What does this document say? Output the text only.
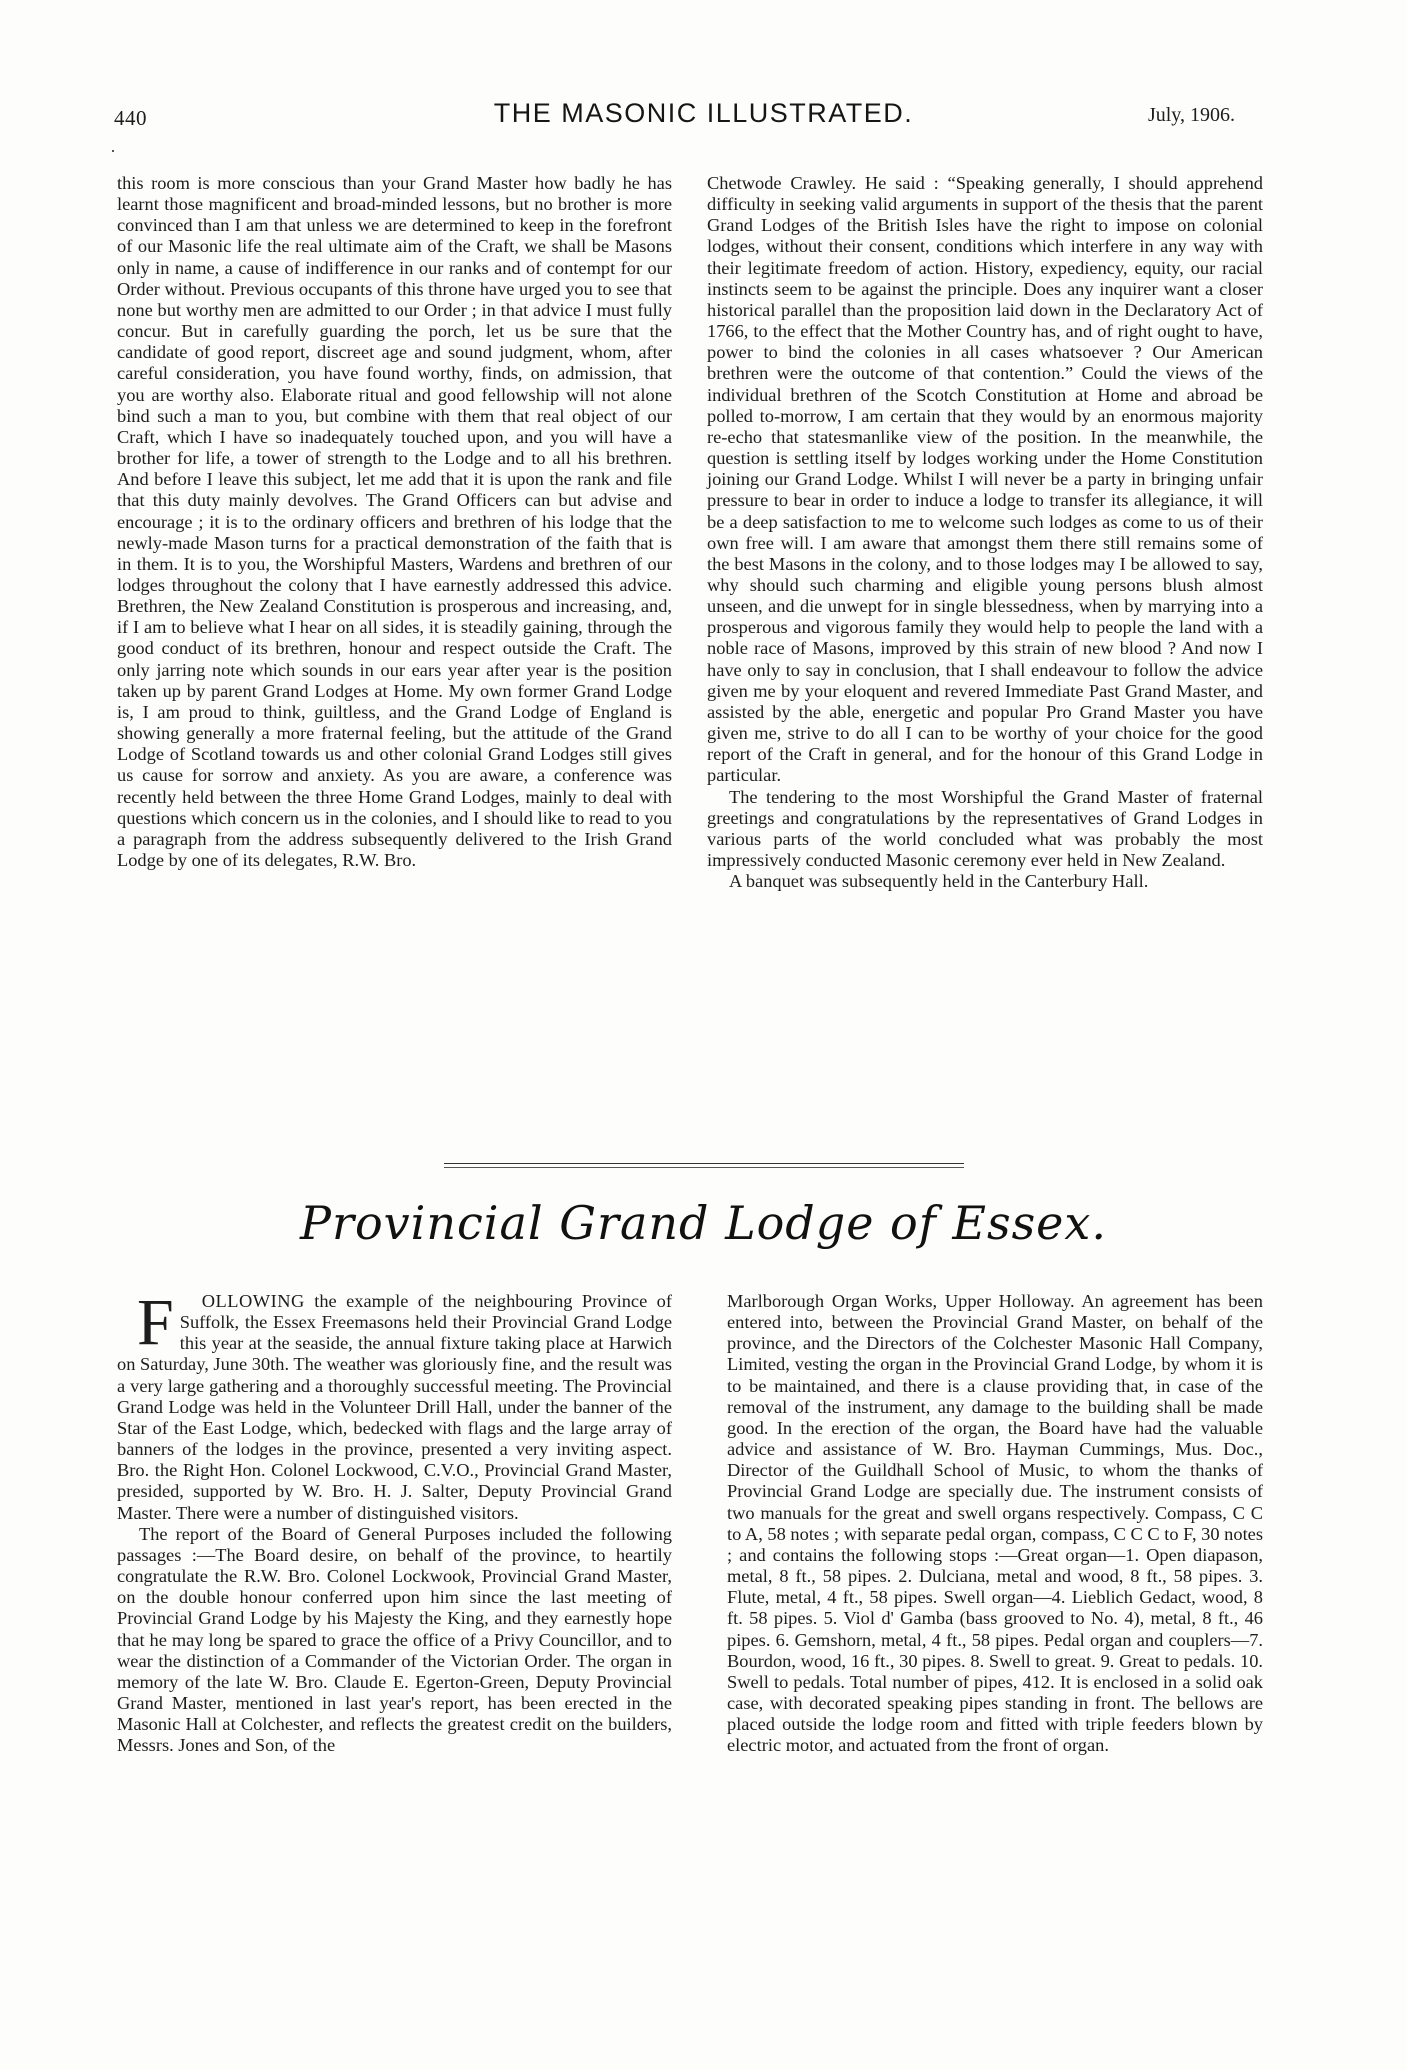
440	THE MASONIC ILLUSTRATED.	July, 1906.

this room is more conscious than your Grand Master how badly he has learnt those magnificent and broad-minded lessons, but no brother is more convinced than I am that unless we are determined to keep in the forefront of our Masonic life the real ultimate aim of the Craft, we shall be Masons only in name, a cause of indifference in our ranks and of contempt for our Order without. Previous occupants of this throne have urged you to see that none but worthy men are admitted to our Order ; in that advice I must fully concur. But in carefully guarding the porch, let us be sure that the candidate of good report, discreet age and sound judgment, whom, after careful consideration, you have found worthy, finds, on admission, that you are worthy also. Elaborate ritual and good fellowship will not alone bind such a man to you, but combine with them that real object of our Craft, which I have so inadequately touched upon, and you will have a brother for life, a tower of strength to the Lodge and to all his brethren. And before I leave this subject, let me add that it is upon the rank and file that this duty mainly devolves. The Grand Officers can but advise and encourage ; it is to the ordinary officers and brethren of his lodge that the newly-made Mason turns for a practical demonstration of the faith that is in them. It is to you, the Worshipful Masters, Wardens and brethren of our lodges throughout the colony that I have earnestly addressed this advice. Brethren, the New Zealand Constitution is prosperous and increasing, and, if I am to believe what I hear on all sides, it is steadily gaining, through the good conduct of its brethren, honour and respect outside the Craft. The only jarring note which sounds in our ears year after year is the position taken up by parent Grand Lodges at Home. My own former Grand Lodge is, I am proud to think, guiltless, and the Grand Lodge of England is showing generally a more fraternal feeling, but the attitude of the Grand Lodge of Scotland towards us and other colonial Grand Lodges still gives us cause for sorrow and anxiety. As you are aware, a conference was recently held between the three Home Grand Lodges, mainly to deal with questions which concern us in the colonies, and I should like to read to you a paragraph from the address subsequently delivered to the Irish Grand Lodge by one of its delegates, R.W. Bro.

Chetwode Crawley. He said : “Speaking generally, I should apprehend difficulty in seeking valid arguments in support of the thesis that the parent Grand Lodges of the British Isles have the right to impose on colonial lodges, without their consent, conditions which interfere in any way with their legitimate freedom of action. History, expediency, equity, our racial instincts seem to be against the principle. Does any inquirer want a closer historical parallel than the proposition laid down in the Declaratory Act of 1766, to the effect that the Mother Country has, and of right ought to have, power to bind the colonies in all cases whatsoever ? Our American brethren were the outcome of that contention.” Could the views of the individual brethren of the Scotch Constitution at Home and abroad be polled to-morrow, I am certain that they would by an enormous majority re-echo that statesmanlike view of the position. In the meanwhile, the question is settling itself by lodges working under the Home Constitution joining our Grand Lodge. Whilst I will never be a party in bringing unfair pressure to bear in order to induce a lodge to transfer its allegiance, it will be a deep satisfaction to me to welcome such lodges as come to us of their own free will. I am aware that amongst them there still remains some of the best Masons in the colony, and to those lodges may I be allowed to say, why should such charming and eligible young persons blush almost unseen, and die unwept for in single blessedness, when by marrying into a prosperous and vigorous family they would help to people the land with a noble race of Masons, improved by this strain of new blood ? And now I have only to say in conclusion, that I shall endeavour to follow the advice given me by your eloquent and revered Immediate Past Grand Master, and assisted by the able, energetic and popular Pro Grand Master you have given me, strive to do all I can to be worthy of your choice for the good report of the Craft in general, and for the honour of this Grand Lodge in particular.

The tendering to the most Worshipful the Grand Master of fraternal greetings and congratulations by the representatives of Grand Lodges in various parts of the world concluded what was probably the most impressively conducted Masonic ceremony ever held in New Zealand.

A banquet was subsequently held in the Canterbury Hall.

Provincial Grand Lodge of Essex.

F OLLOWING the example of the neighbouring Province of Suffolk, the Essex Freemasons held their Provincial Grand Lodge this year at the seaside, the annual fixture taking place at Harwich on Saturday, June 30th. The weather was gloriously fine, and the result was a very large gathering and a thoroughly successful meeting. The Provincial Grand Lodge was held in the Volunteer Drill Hall, under the banner of the Star of the East Lodge, which, bedecked with flags and the large array of banners of the lodges in the province, presented a very inviting aspect. Bro. the Right Hon. Colonel Lockwood, C.V.O., Provincial Grand Master, presided, supported by W. Bro. H. J. Salter, Deputy Provincial Grand Master. There were a number of distinguished visitors.

The report of the Board of General Purposes included the following passages :—The Board desire, on behalf of the province, to heartily congratulate the R.W. Bro. Colonel Lockwook, Provincial Grand Master, on the double honour conferred upon him since the last meeting of Provincial Grand Lodge by his Majesty the King, and they earnestly hope that he may long be spared to grace the office of a Privy Councillor, and to wear the distinction of a Commander of the Victorian Order. The organ in memory of the late W. Bro. Claude E. Egerton-Green, Deputy Provincial Grand Master, mentioned in last year's report, has been erected in the Masonic Hall at Colchester, and reflects the greatest credit on the builders, Messrs. Jones and Son, of the

Marlborough Organ Works, Upper Holloway. An agreement has been entered into, between the Provincial Grand Master, on behalf of the province, and the Directors of the Colchester Masonic Hall Company, Limited, vesting the organ in the Provincial Grand Lodge, by whom it is to be maintained, and there is a clause providing that, in case of the removal of the instrument, any damage to the building shall be made good. In the erection of the organ, the Board have had the valuable advice and assistance of W. Bro. Hayman Cummings, Mus. Doc., Director of the Guildhall School of Music, to whom the thanks of Provincial Grand Lodge are specially due. The instrument consists of two manuals for the great and swell organs respectively. Compass, C C to A, 58 notes ; with separate pedal organ, compass, C C C to F, 30 notes ; and contains the following stops :—Great organ—1. Open diapason, metal, 8 ft., 58 pipes. 2. Dulciana, metal and wood, 8 ft., 58 pipes. 3. Flute, metal, 4 ft., 58 pipes. Swell organ—4. Lieblich Gedact, wood, 8 ft. 58 pipes. 5. Viol d' Gamba (bass grooved to No. 4), metal, 8 ft., 46 pipes. 6. Gemshorn, metal, 4 ft., 58 pipes. Pedal organ and couplers—7. Bourdon, wood, 16 ft., 30 pipes. 8. Swell to great. 9. Great to pedals. 10. Swell to pedals. Total number of pipes, 412. It is enclosed in a solid oak case, with decorated speaking pipes standing in front. The bellows are placed outside the lodge room and fitted with triple feeders blown by electric motor, and actuated from the front of organ.
